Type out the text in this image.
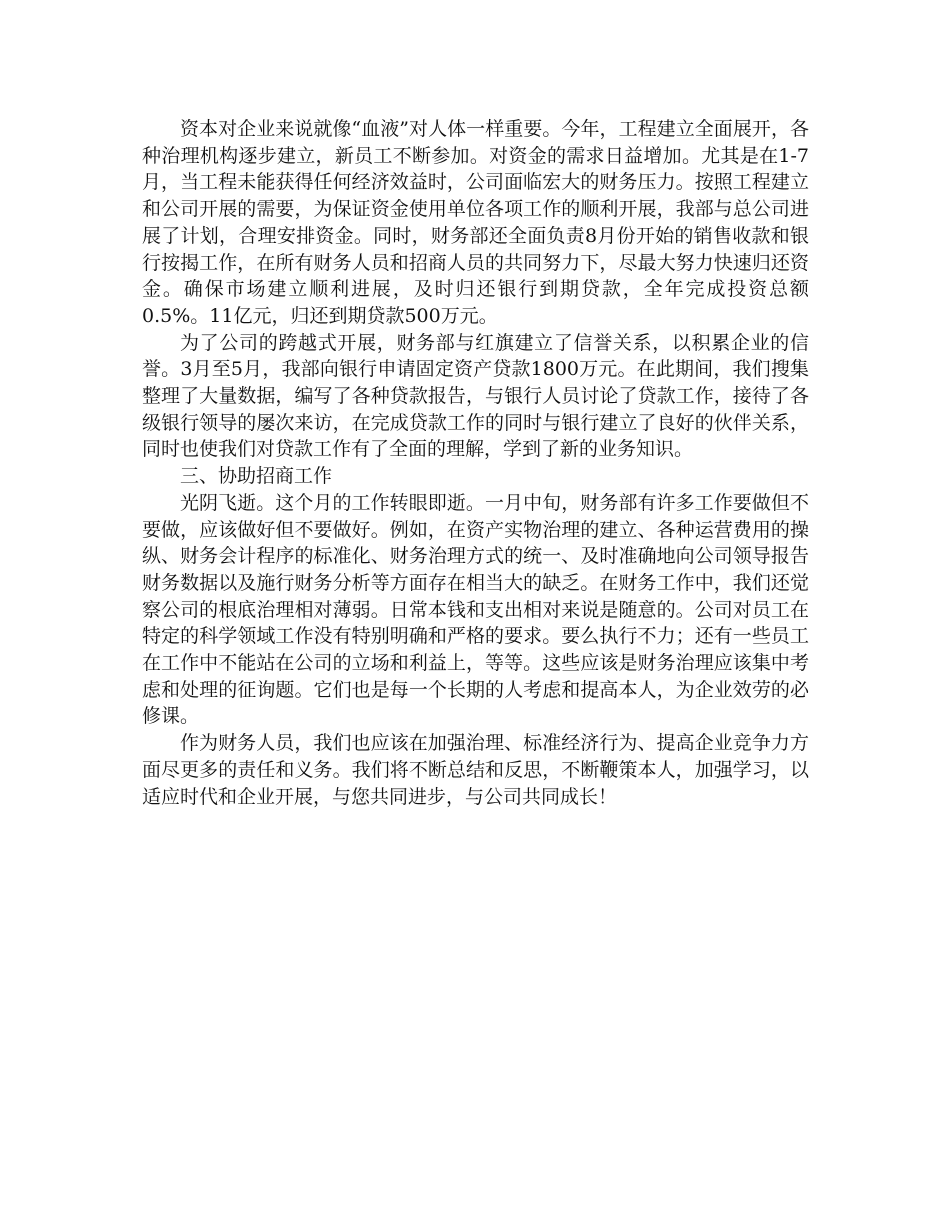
资本对企业来说就像“血液”对人体一样重要。今年，工程建立全面展开，各种治理机构逐步建立，新员工不断参加。对资金的需求日益增加。尤其是在1-7月，当工程未能获得任何经济效益时，公司面临宏大的财务压力。按照工程建立和公司开展的需要，为保证资金使用单位各项工作的顺利开展，我部与总公司进展了计划，合理安排资金。同时，财务部还全面负责8月份开始的销售收款和银行按揭工作，在所有财务人员和招商人员的共同努力下，尽最大努力快速归还资金。确保市场建立顺利进展，及时归还银行到期贷款，全年完成投资总额0.5%。11亿元，归还到期贷款500万元。

为了公司的跨越式开展，财务部与红旗建立了信誉关系，以积累企业的信誉。3月至5月，我部向银行申请固定资产贷款1800万元。在此期间，我们搜集整理了大量数据，编写了各种贷款报告，与银行人员讨论了贷款工作，接待了各级银行领导的屡次来访，在完成贷款工作的同时与银行建立了良好的伙伴关系，同时也使我们对贷款工作有了全面的理解，学到了新的业务知识。

三、协助招商工作

光阴飞逝。这个月的工作转眼即逝。一月中旬，财务部有许多工作要做但不要做，应该做好但不要做好。例如，在资产实物治理的建立、各种运营费用的操纵、财务会计程序的标准化、财务治理方式的统一、及时准确地向公司领导报告财务数据以及施行财务分析等方面存在相当大的缺乏。在财务工作中，我们还觉察公司的根底治理相对薄弱。日常本钱和支出相对来说是随意的。公司对员工在特定的科学领域工作没有特别明确和严格的要求。要么执行不力；还有一些员工在工作中不能站在公司的立场和利益上，等等。这些应该是财务治理应该集中考虑和处理的征询题。它们也是每一个长期的人考虑和提高本人，为企业效劳的必修课。

作为财务人员，我们也应该在加强治理、标准经济行为、提高企业竞争力方面尽更多的责任和义务。我们将不断总结和反思，不断鞭策本人，加强学习，以适应时代和企业开展，与您共同进步，与公司共同成长！
